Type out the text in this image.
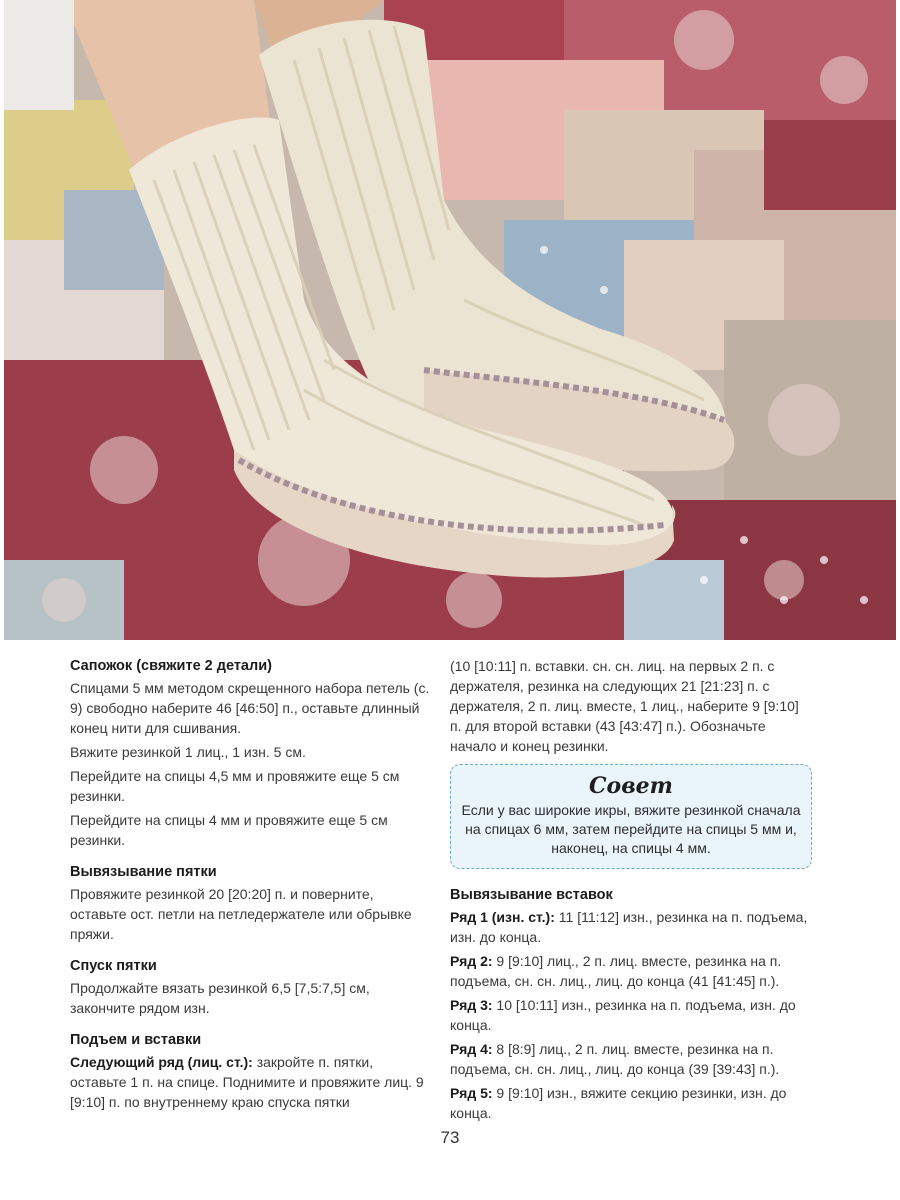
Сапожок (свяжите 2 детали)
Спицами 5 мм методом скрещенного набора петель (с. 9) свободно наберите 46 [46:50] п., оставьте длинный конец нити для сшивания.
Вяжите резинкой 1 лиц., 1 изн. 5 см.
Перейдите на спицы 4,5 мм и провяжите еще 5 см резинки.
Перейдите на спицы 4 мм и провяжите еще 5 см резинки.
Вывязывание пятки
Провяжите резинкой 20 [20:20] п. и поверните, оставьте ост. петли на петледержателе или обрывке пряжи.
Спуск пятки
Продолжайте вязать резинкой 6,5 [7,5:7,5] см, закончите рядом изн.
Подъем и вставки
Следующий ряд (лиц. ст.): закройте п. пятки, оставьте 1 п. на спице. Поднимите и провяжите лиц. 9 [9:10] п. по внутреннему краю спуска пятки
(10 [10:11] п. вставки. сн. сн. лиц. на первых 2 п. с держателя, резинка на следующих 21 [21:23] п. с держателя, 2 п. лиц. вместе, 1 лиц., наберите 9 [9:10] п. для второй вставки (43 [43:47] п.). Обозначьте начало и конец резинки.
Совет
Если у вас широкие икры, вяжите резинкой сначала на спицах 6 мм, затем перейдите на спицы 5 мм и, наконец, на спицы 4 мм.
Вывязывание вставок
Ряд 1 (изн. ст.): 11 [11:12] изн., резинка на п. подъема, изн. до конца.
Ряд 2: 9 [9:10] лиц., 2 п. лиц. вместе, резинка на п. подъема, сн. сн. лиц., лиц. до конца (41 [41:45] п.).
Ряд 3: 10 [10:11] изн., резинка на п. подъема, изн. до конца.
Ряд 4: 8 [8:9] лиц., 2 п. лиц. вместе, резинка на п. подъема, сн. сн. лиц., лиц. до конца (39 [39:43] п.).
Ряд 5: 9 [9:10] изн., вяжите секцию резинки, изн. до конца.
73
